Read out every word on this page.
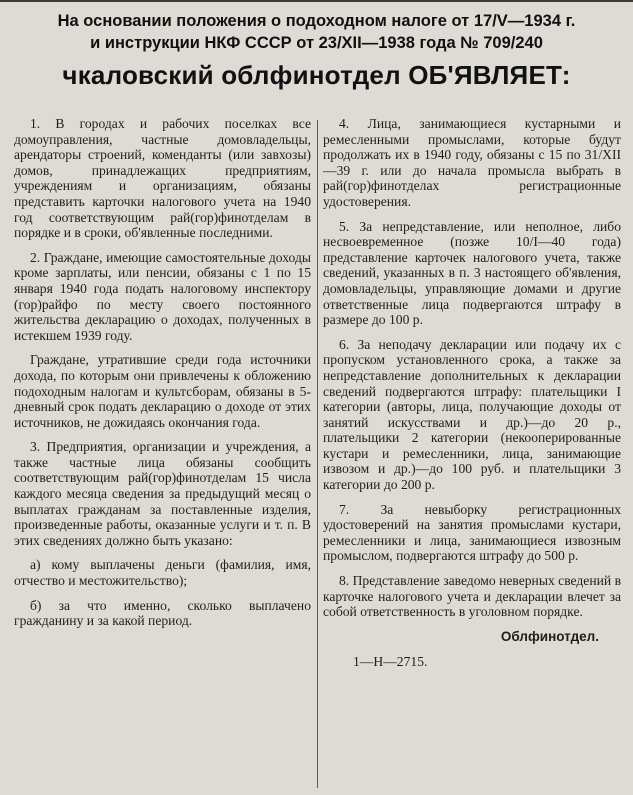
На основании положения о подоходном налоге от 17/V—1934 г.
и инструкции НКФ СССР от 23/XII—1938 года № 709/240
чкаловский облфинотдел ОБ'ЯВЛЯЕТ:

1. В городах и рабочих поселках все домоуправления, частные домовладельцы, арендаторы строений, коменданты (или завхозы) домов, принадлежащих предприятиям, учреждениям и организациям, обязаны представить карточки налогового учета на 1940 год соответствующим рай(гор)финотделам в порядке и в сроки, об'явленные последними.

2. Граждане, имеющие самостоятельные доходы кроме зарплаты, или пенсии, обязаны с 1 по 15 января 1940 года подать налоговому инспектору (гор)райфо по месту своего постоянного жительства декларацию о доходах, полученных в истекшем 1939 году.

Граждане, утратившие среди года источники дохода, по которым они привлечены к обложению подоходным налогам и культсборам, обязаны в 5-дневный срок подать декларацию о доходе от этих источников, не дожидаясь окончания года.

3. Предприятия, организации и учреждения, а также частные лица обязаны сообщить соответствующим рай(гор)финотделам 15 числа каждого месяца сведения за предыдущий месяц о выплатах гражданам за поставленные изделия, произведенные работы, оказанные услуги и т. п. В этих сведениях должно быть указано:

а) кому выплачены деньги (фамилия, имя, отчество и местожительство);

б) за что именно, сколько выплачено гражданину и за какой период.

4. Лица, занимающиеся кустарными и ремесленными промыслами, которые будут продолжать их в 1940 году, обязаны с 15 по 31/XII—39 г. или до начала промысла выбрать в рай(гор)финотделах регистрационные удостоверения.

5. За непредставление, или неполное, либо несвоевременное (позже 10/I—40 года) представление карточек налогового учета, также сведений, указанных в п. 3 настоящего об'явления, домовладельцы, управляющие домами и другие ответственные лица подвергаются штрафу в размере до 100 р.

6. За неподачу декларации или подачу их с пропуском установленного срока, а также за непредставление дополнительных к декларации сведений подвергаются штрафу: плательщики I категории (авторы, лица, получающие доходы от занятий искусствами и др.)—до 20 р., плательщики 2 категории (некооперированные кустари и ремесленники, лица, занимающие извозом и др.)—до 100 руб. и плательщики 3 категории до 200 р.

7. За невыборку регистрационных удостоверений на занятия промыслами кустари, ремесленники и лица, занимающиеся извозным промыслом, подвергаются штрафу до 500 р.

8. Представление заведомо неверных сведений в карточке налогового учета и декларации влечет за собой ответственность в уголовном порядке.

Облфинотдел.
1—Н—2715.
